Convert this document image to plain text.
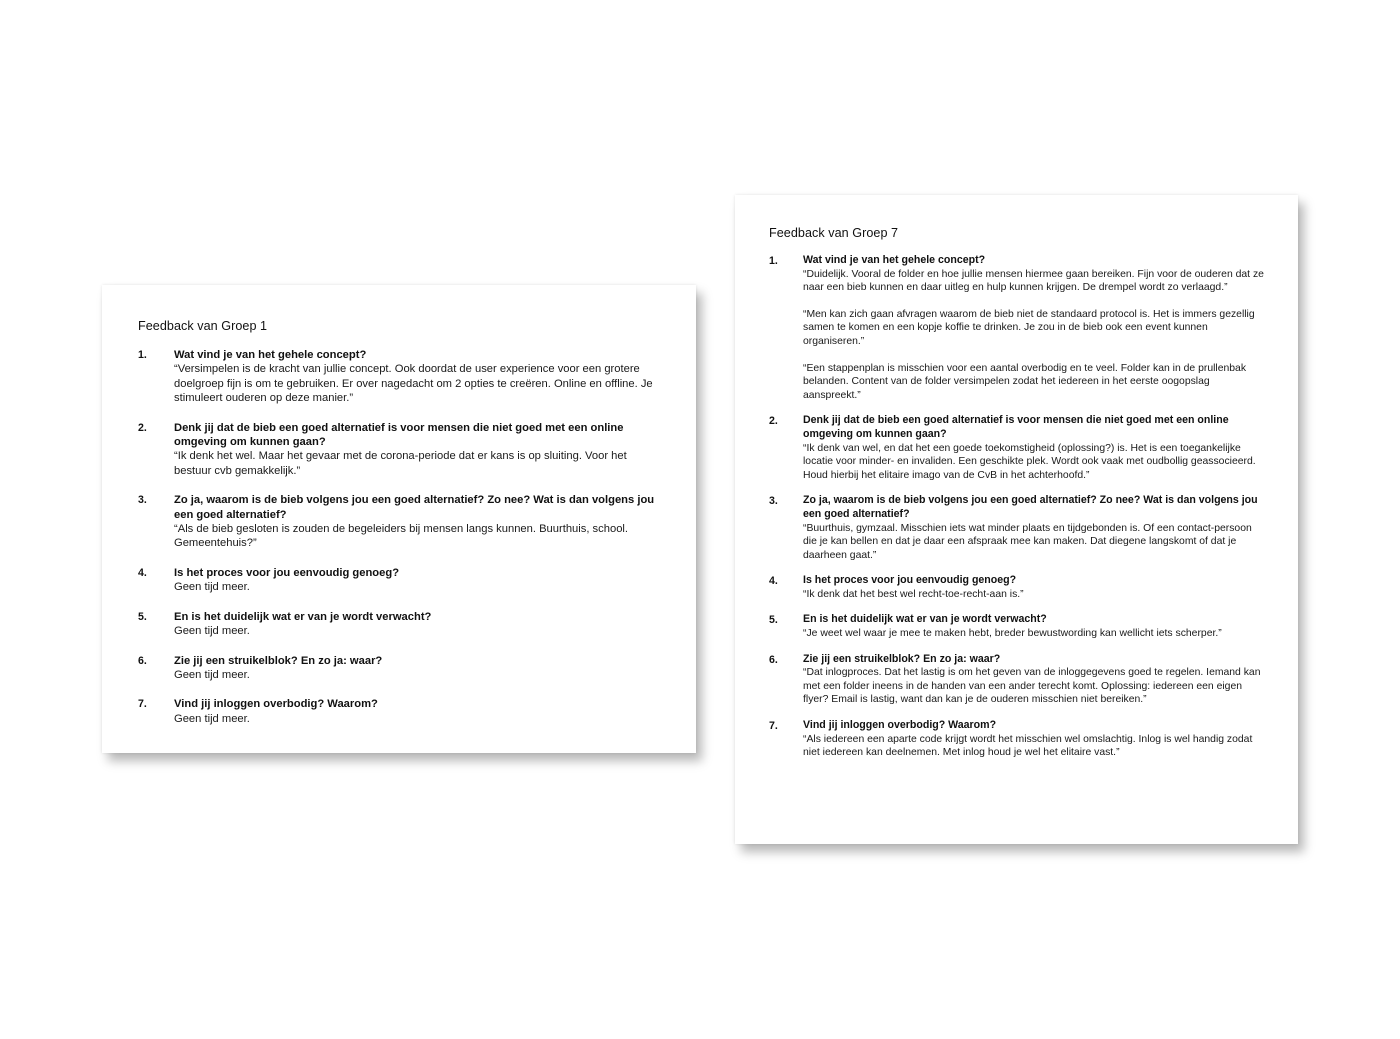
Feedback van Groep 1
1.	Wat vind je van het gehele concept?
“Versimpelen is de kracht van jullie concept. Ook doordat de user experience voor een grotere doelgroep fijn is om te gebruiken. Er over nagedacht om 2 opties te creëren. Online en offline. Je stimuleert ouderen op deze manier.”
2.	Denk jij dat de bieb een goed alternatief is voor mensen die niet goed met een online omgeving om kunnen gaan?
“Ik denk het wel. Maar het gevaar met de corona-periode dat er kans is op sluiting. Voor het bestuur cvb gemakkelijk.”
3.	Zo ja, waarom is de bieb volgens jou een goed alternatief? Zo nee? Wat is dan volgens jou een goed alternatief?
“Als de bieb gesloten is zouden de begeleiders bij mensen langs kunnen. Buurthuis, school. Gemeentehuis?”
4.	Is het proces voor jou eenvoudig genoeg?
Geen tijd meer.
5.	En is het duidelijk wat er van je wordt verwacht?
Geen tijd meer.
6.	Zie jij een struikelblok? En zo ja: waar?
Geen tijd meer.
7.	Vind jij inloggen overbodig? Waarom?
Geen tijd meer.
Feedback van Groep 7
1.	Wat vind je van het gehele concept?
“Duidelijk. Vooral de folder en hoe jullie mensen hiermee gaan bereiken. Fijn voor de ouderen dat ze naar een bieb kunnen en daar uitleg en hulp kunnen krijgen. De drempel wordt zo verlaagd.”
“Men kan zich gaan afvragen waarom de bieb niet de standaard protocol is. Het is immers gezellig samen te komen en een kopje koffie te drinken. Je zou in de bieb ook een event kunnen organiseren.”
“Een stappenplan is misschien voor een aantal overbodig en te veel. Folder kan in de prullenbak belanden. Content van de folder versimpelen zodat het iedereen in het eerste oogopslag aanspreekt.”
2.	Denk jij dat de bieb een goed alternatief is voor mensen die niet goed met een online omgeving om kunnen gaan?
“Ik denk van wel, en dat het een goede toekomstigheid (oplossing?) is. Het is een toegankelijke locatie voor minder- en invaliden. Een geschikte plek. Wordt ook vaak met oudbollig geassocieerd. Houd hierbij het elitaire imago van de CvB in het achterhoofd.”
3.	Zo ja, waarom is de bieb volgens jou een goed alternatief? Zo nee? Wat is dan volgens jou een goed alternatief?
“Buurthuis, gymzaal. Misschien iets wat minder plaats en tijdgebonden is. Of een contact-persoon die je kan bellen en dat je daar een afspraak mee kan maken. Dat diegene langskomt of dat je daarheen gaat.”
4.	Is het proces voor jou eenvoudig genoeg?
“Ik denk dat het best wel recht-toe-recht-aan is.”
5.	En is het duidelijk wat er van je wordt verwacht?
“Je weet wel waar je mee te maken hebt, breder bewustwording kan wellicht iets scherper.”
6.	Zie jij een struikelblok? En zo ja: waar?
“Dat inlogproces. Dat het lastig is om het geven van de inloggegevens goed te regelen. Iemand kan met een folder ineens in de handen van een ander terecht komt. Oplossing: iedereen een eigen flyer? Email is lastig, want dan kan je de ouderen misschien niet bereiken.”
7.	Vind jij inloggen overbodig? Waarom?
“Als iedereen een aparte code krijgt wordt het misschien wel omslachtig. Inlog is wel handig zodat niet iedereen kan deelnemen. Met inlog houd je wel het elitaire vast.”
